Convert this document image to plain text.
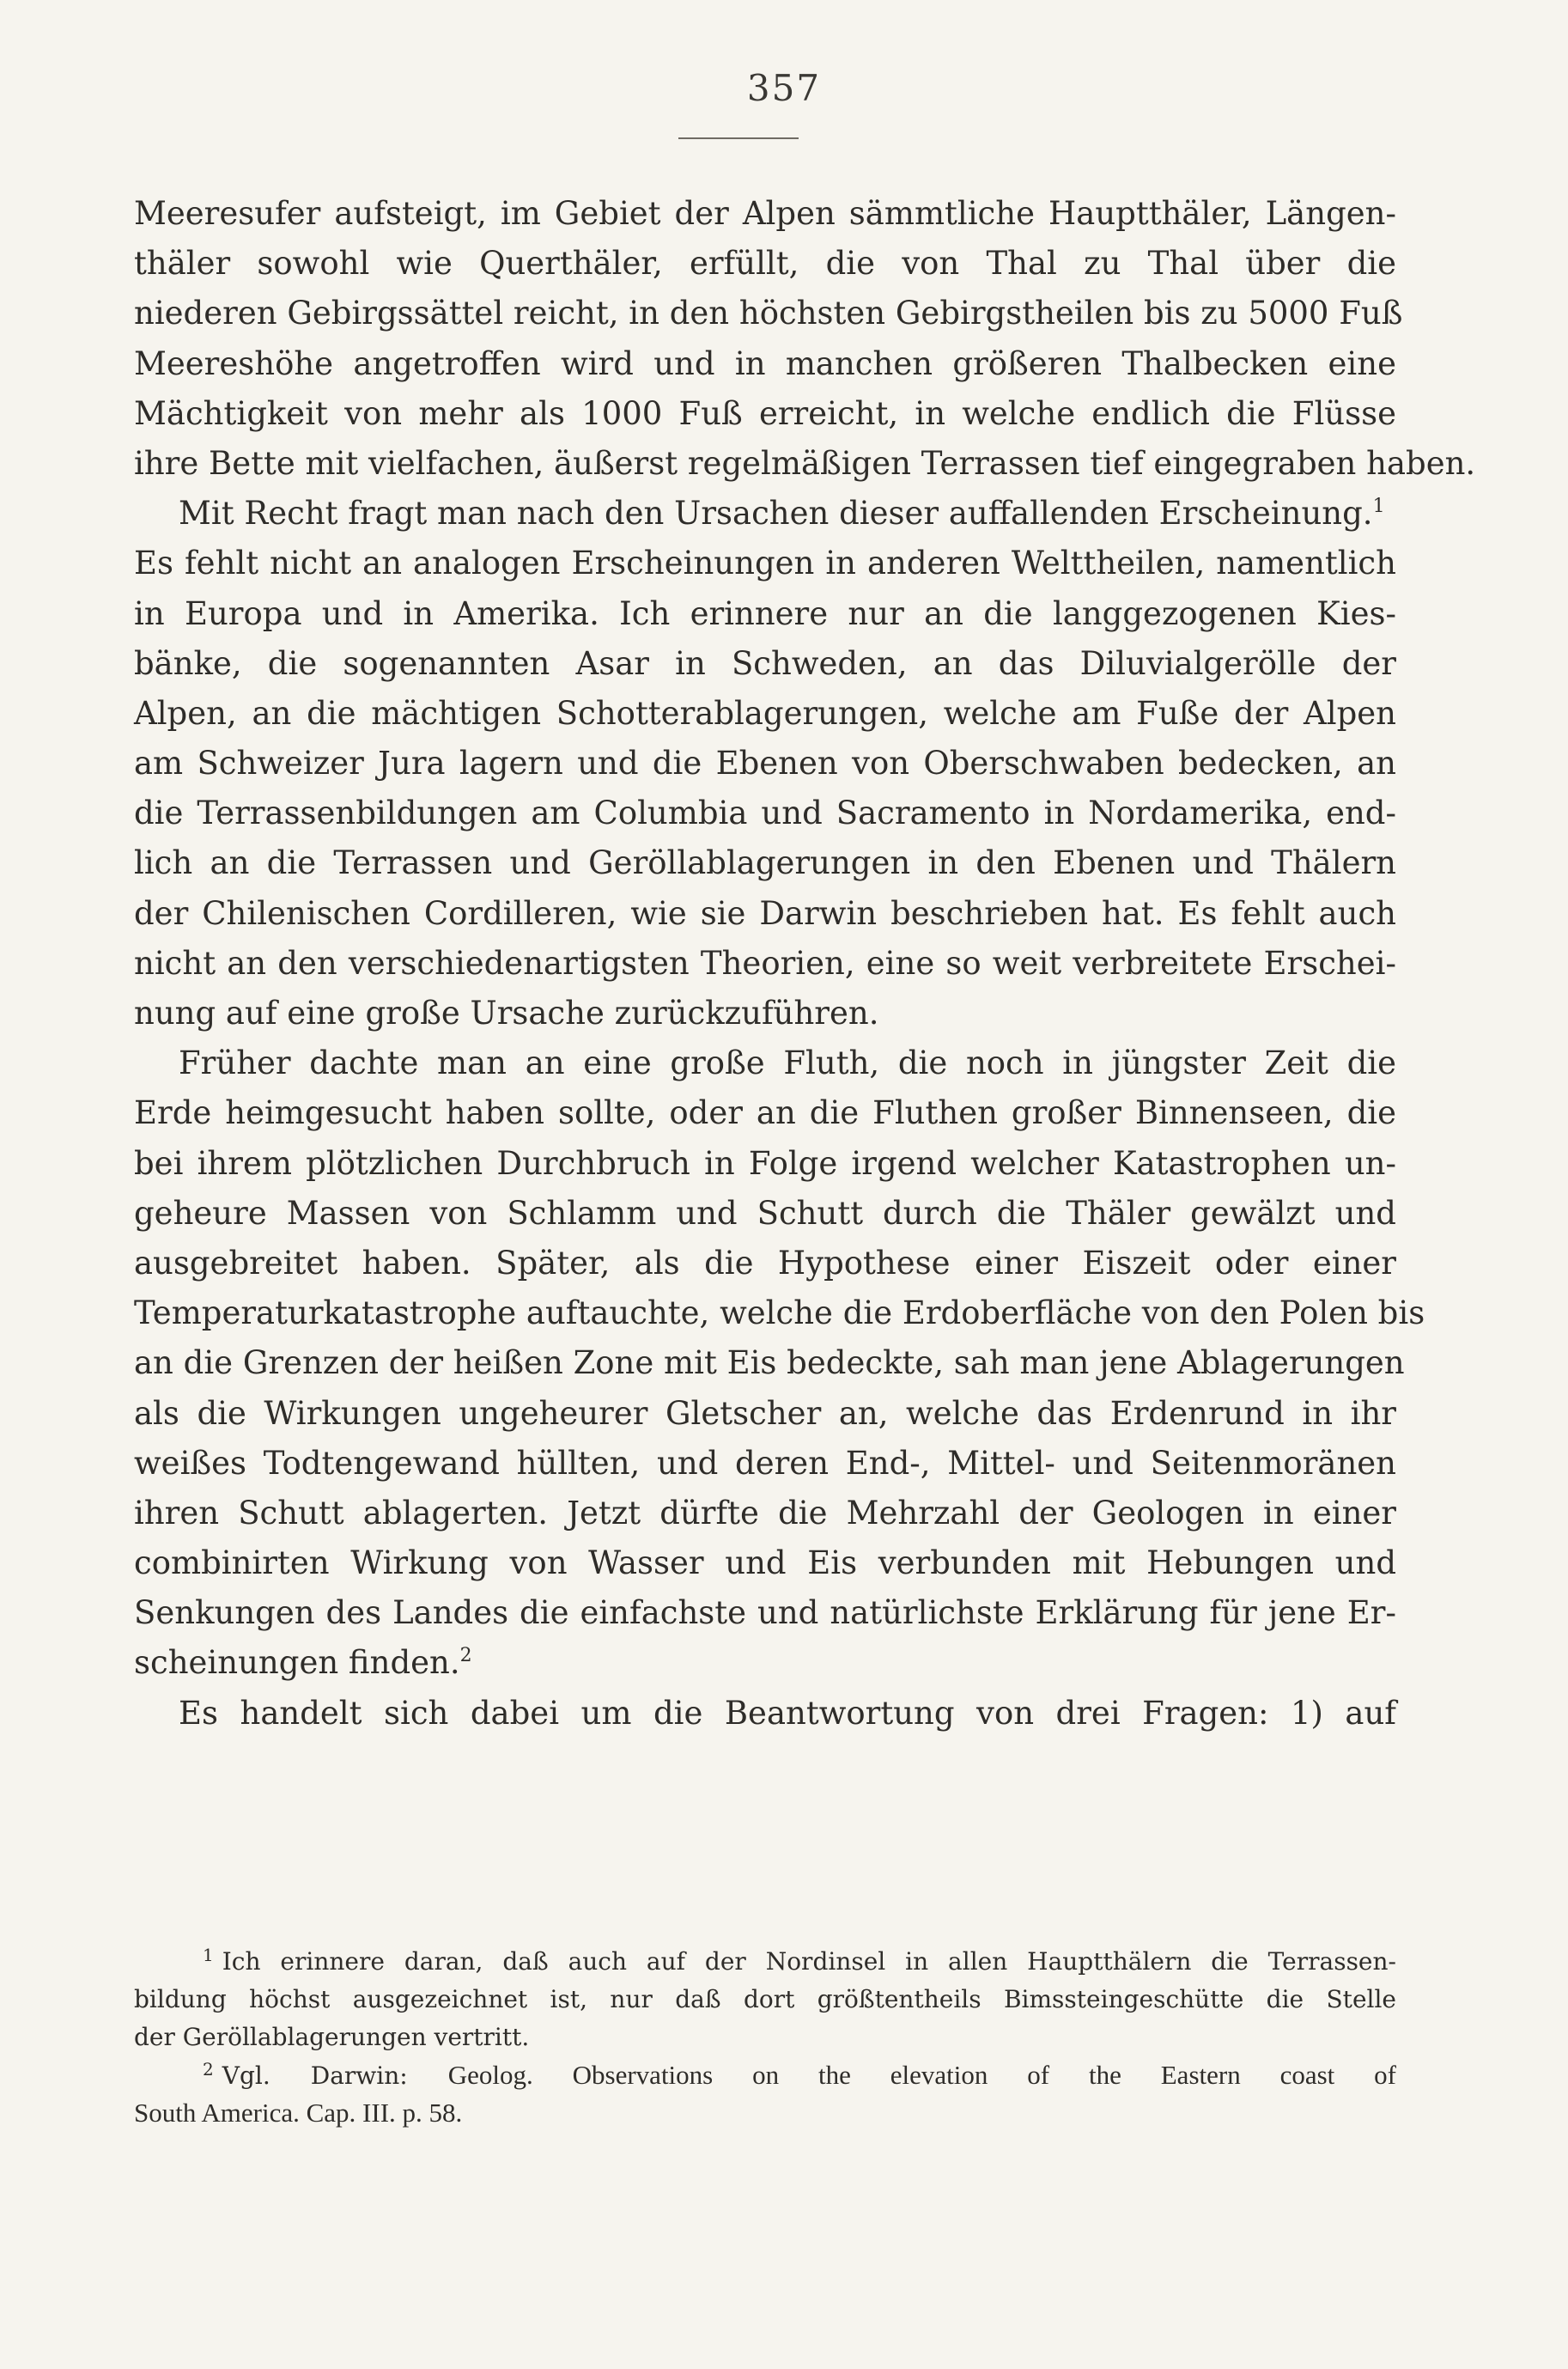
357
Meeresufer aufsteigt, im Gebiet der Alpen sämmtliche Hauptthäler, Längen-
thäler sowohl wie Querthäler, erfüllt, die von Thal zu Thal über die
niederen Gebirgssättel reicht, in den höchsten Gebirgstheilen bis zu 5000 Fuß
Meereshöhe angetroffen wird und in manchen größeren Thalbecken eine
Mächtigkeit von mehr als 1000 Fuß erreicht, in welche endlich die Flüsse
ihre Bette mit vielfachen, äußerst regelmäßigen Terrassen tief eingegraben haben.
Mit Recht fragt man nach den Ursachen dieser auffallenden Erscheinung.$^1$
Es fehlt nicht an analogen Erscheinungen in anderen Welttheilen, namentlich
in Europa und in Amerika. Ich erinnere nur an die langgezogenen Kies-
bänke, die sogenannten Asar in Schweden, an das Diluvialgerölle der
Alpen, an die mächtigen Schotterablagerungen, welche am Fuße der Alpen
am Schweizer Jura lagern und die Ebenen von Oberschwaben bedecken, an
die Terrassenbildungen am Columbia und Sacramento in Nordamerika, end-
lich an die Terrassen und Geröllablagerungen in den Ebenen und Thälern
der Chilenischen Cordilleren, wie sie Darwin beschrieben hat. Es fehlt auch
nicht an den verschiedenartigsten Theorien, eine so weit verbreitete Erschei-
nung auf eine große Ursache zurückzuführen.
Früher dachte man an eine große Fluth, die noch in jüngster Zeit die
Erde heimgesucht haben sollte, oder an die Fluthen großer Binnenseen, die
bei ihrem plötzlichen Durchbruch in Folge irgend welcher Katastrophen un-
geheure Massen von Schlamm und Schutt durch die Thäler gewälzt und
ausgebreitet haben. Später, als die Hypothese einer Eiszeit oder einer
Temperaturkatastrophe auftauchte, welche die Erdoberfläche von den Polen bis
an die Grenzen der heißen Zone mit Eis bedeckte, sah man jene Ablagerungen
als die Wirkungen ungeheurer Gletscher an, welche das Erdenrund in ihr
weißes Todtengewand hüllten, und deren End-, Mittel- und Seitenmoränen
ihren Schutt ablagerten. Jetzt dürfte die Mehrzahl der Geologen in einer
combinirten Wirkung von Wasser und Eis verbunden mit Hebungen und
Senkungen des Landes die einfachste und natürlichste Erklärung für jene Er-
scheinungen finden.$^2$
Es handelt sich dabei um die Beantwortung von drei Fragen: 1) auf
$^1$ Ich erinnere daran, daß auch auf der Nordinsel in allen Hauptthälern die Terrassen-
bildung höchst ausgezeichnet ist, nur daß dort größtentheils Bimssteingeschütte die Stelle
der Geröllablagerungen vertritt.
$^2$ Vgl. Darwin: Geolog. Observations on the elevation of the Eastern coast of
South America. Cap. III. p. 58.
